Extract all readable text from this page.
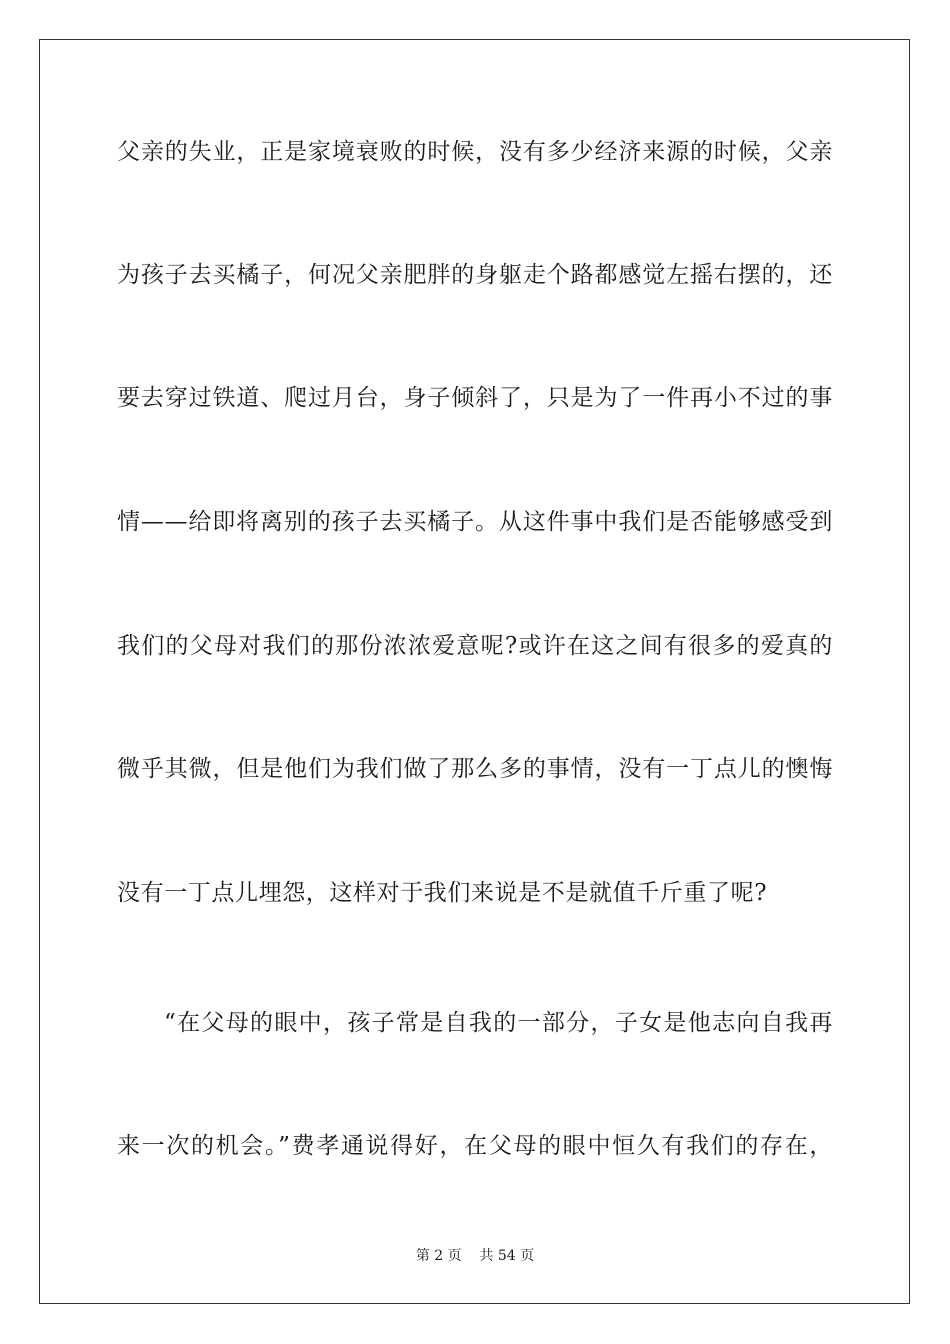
父亲的失业，正是家境衰败的时候，没有多少经济来源的时候，父亲
为孩子去买橘子，何况父亲肥胖的身躯走个路都感觉左摇右摆的，还
要去穿过铁道、爬过月台，身子倾斜了，只是为了一件再小不过的事
情——给即将离别的孩子去买橘子。从这件事中我们是否能够感受到
我们的父母对我们的那份浓浓爱意呢?或许在这之间有很多的爱真的
微乎其微，但是他们为我们做了那么多的事情，没有一丁点儿的懊悔
没有一丁点儿埋怨，这样对于我们来说是不是就值千斤重了呢?
“在父母的眼中，孩子常是自我的一部分，子女是他志向自我再
来一次的机会。”费孝通说得好，在父母的眼中恒久有我们的存在，
第 2 页    共 54 页
